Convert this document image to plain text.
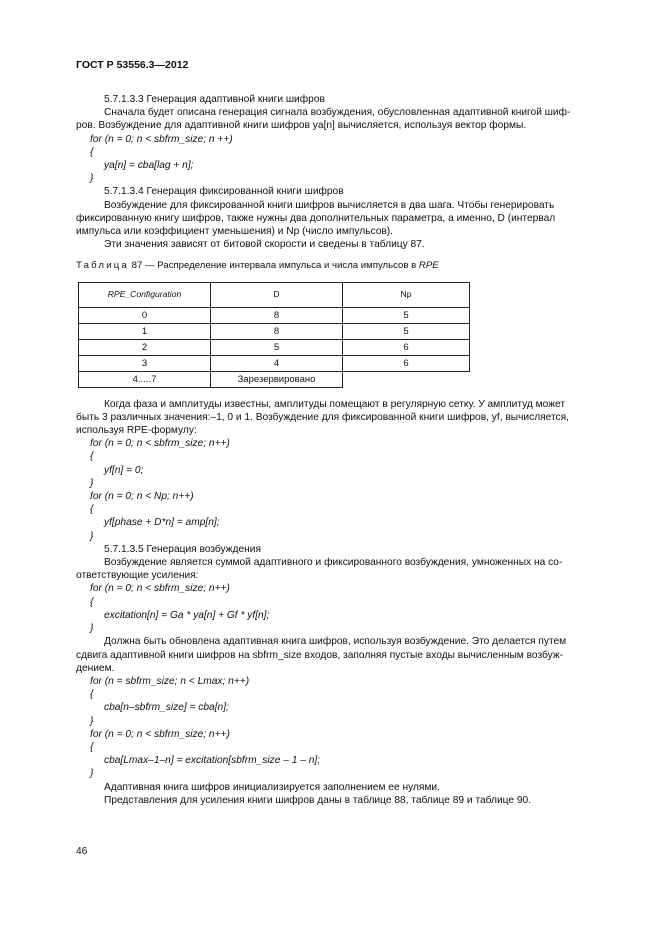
ГОСТ Р 53556.3—2012

5.7.1.3.3 Генерация адаптивной книги шифров

Сначала будет описана генерация сигнала возбуждения, обусловленная адаптивной книгой шиф-

ров. Возбуждение для адаптивной книги шифров ya[n] вычисляется, используя вектор формы.

for (n = 0; n < sbfrm_size; n ++)

{

ya[n] = cba[lag + n];

}

5.7.1.3.4 Генерация фиксированной книги шифров

Возбуждение для фиксированной книги шифров вычисляется в два шага. Чтобы генерировать

фиксированную книгу шифров, также нужны два дополнительных параметра, а именно, D (интервал

импульса или коэффициент уменьшения) и Np (число импульсов).

Эти значения зависят от битовой скорости и сведены в таблицу 87.

Таблица 87 — Распределение интервала импульса и числа импульсов в RPE

RPE_Configuration	D	Np
0	8	5
1	8	5
2	5	6
3	4	6
4.....7	Зарезервировано	

Когда фаза и амплитуды известны, амплитуды помещают в регулярную сетку. У амплитуд может

быть 3 различных значения:–1, 0 и 1. Возбуждение для фиксированной книги шифров, yf, вычисляется,

используя RPE-формулу:

for (n = 0; n < sbfrm_size; n++)

{

yf[n] = 0;

}

for (n = 0; n < Np; n++)

{

yf[phase + D*n] = amp[n];

}

5.7.1.3.5 Генерация возбуждения

Возбуждение является суммой адаптивного и фиксированного возбуждения, умноженных на со-

ответствующие усиления:

for (n = 0; n < sbfrm_size; n++)

{

excitation[n] = Ga * ya[n] + Gf * yf[n];

}

Должна быть обновлена адаптивная книга шифров, используя возбуждение. Это делается путем

сдвига адаптивной книги шифров на sbfrm_size входов, заполняя пустые входы вычисленным возбуж-

дением.

for (n = sbfrm_size; n < Lmax; n++)

{

cba[n–sbfrm_size] = cba[n];

}

for (n = 0; n < sbfrm_size; n++)

{

cba[Lmax–1–n] = excitation[sbfrm_size – 1 – n];

}

Адаптивная книга шифров инициализируется заполнением ее нулями.

Представления для усиления книги шифров даны в таблице 88, таблице 89 и таблице 90.

46
